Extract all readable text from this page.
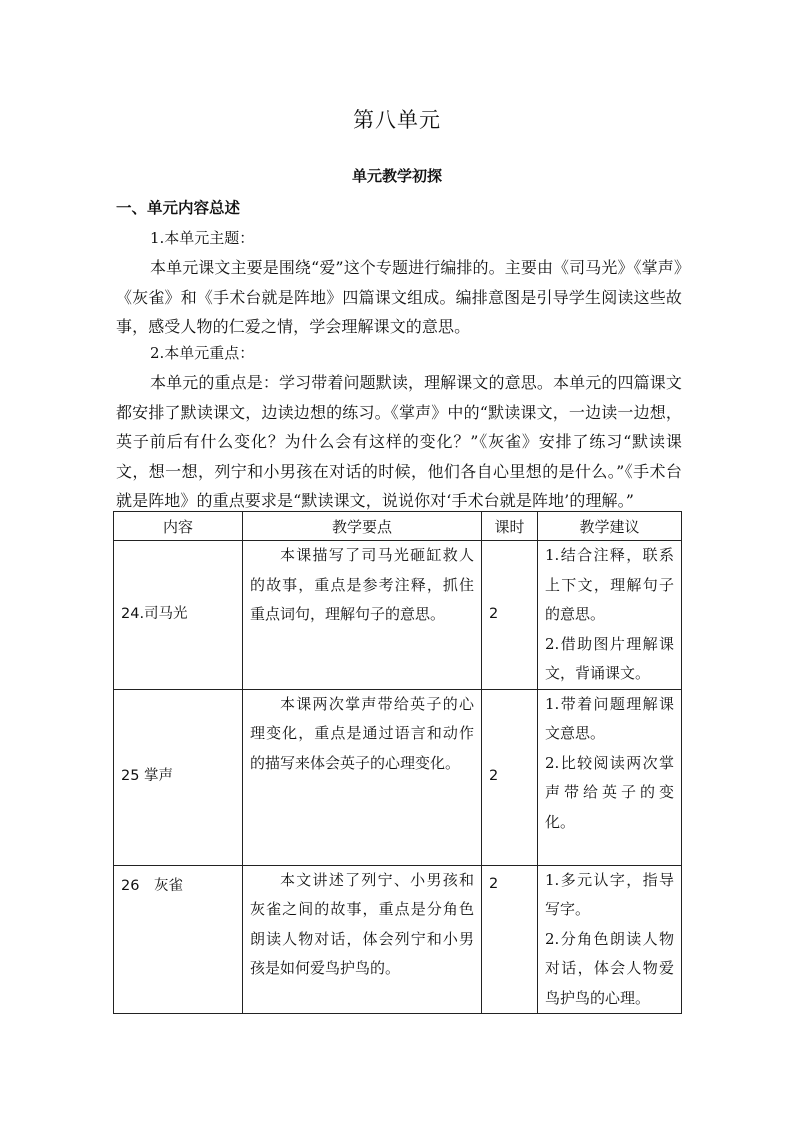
第八单元
单元教学初探
一、单元内容总述
1.本单元主题：
本单元课文主要是围绕“爱”这个专题进行编排的。主要由《司马光》《掌声》《灰雀》和《手术台就是阵地》四篇课文组成。编排意图是引导学生阅读这些故事，感受人物的仁爱之情，学会理解课文的意思。
2.本单元重点：
本单元的重点是：学习带着问题默读，理解课文的意思。本单元的四篇课文都安排了默读课文，边读边想的练习。《掌声》中的“默读课文，一边读一边想，英子前后有什么变化？为什么会有这样的变化？”《灰雀》安排了练习“默读课文，想一想，列宁和小男孩在对话的时候，他们各自心里想的是什么。”《手术台就是阵地》的重点要求是“默读课文，说说你对‘手术台就是阵地’的理解。”
内容	教学要点	课时	教学建议
24.司马光	本课描写了司马光砸缸救人的故事，重点是参考注释，抓住重点词句，理解句子的意思。	2	1.结合注释，联系上下文，理解句子的意思。
2.借助图片理解课文，背诵课文。

25 掌声	本课两次掌声带给英子的心理变化，重点是通过语言和动作的描写来体会英子的心理变化。	2	1.带着问题理解课文意思。
2.比较阅读两次掌声带给英子的变化。

26　灰雀	本文讲述了列宁、小男孩和灰雀之间的故事，重点是分角色朗读人物对话，体会列宁和小男孩是如何爱鸟护鸟的。	2	1.多元认字，指导写字。
2.分角色朗读人物对话，体会人物爱鸟护鸟的心理。
